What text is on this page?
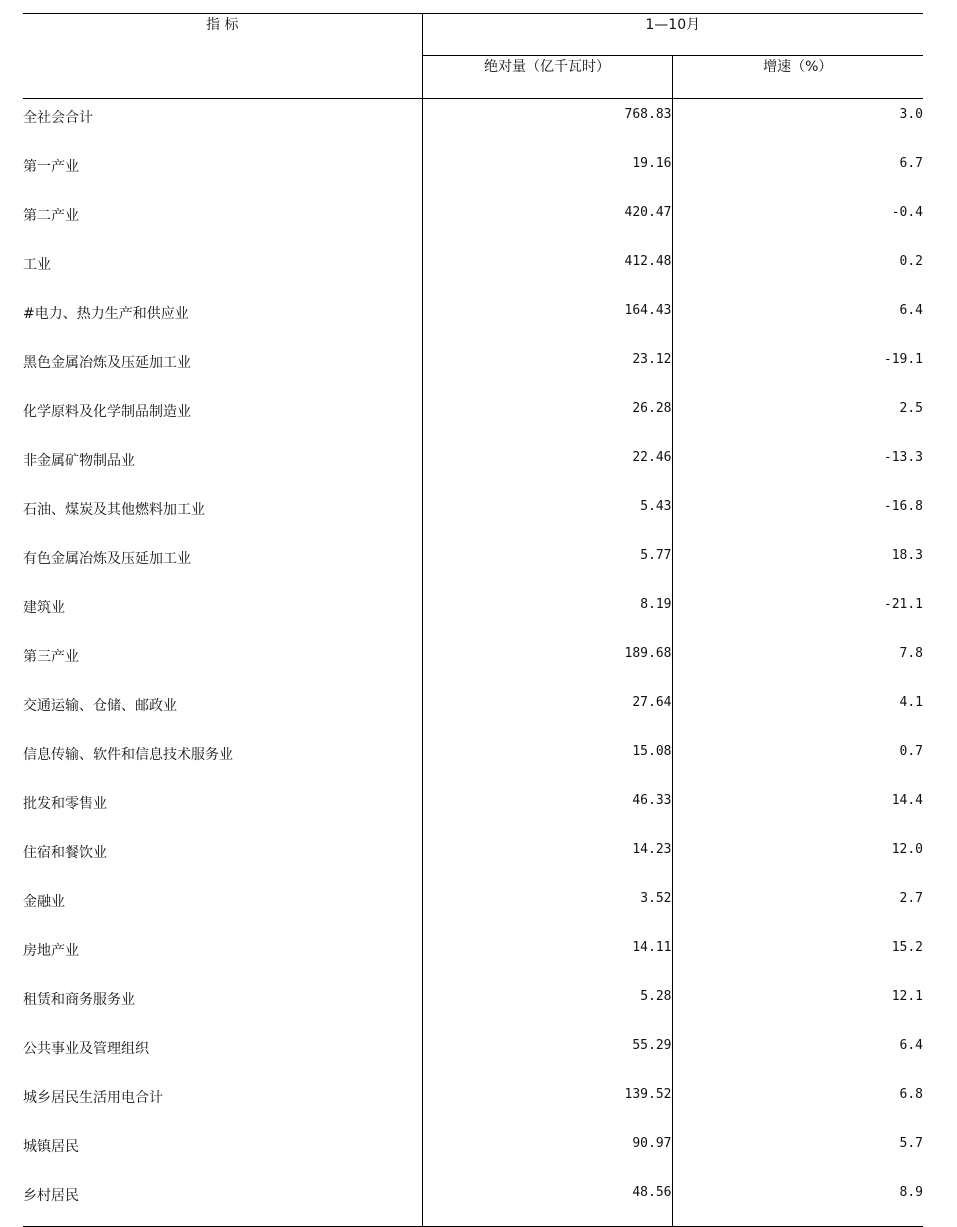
指 标	1—10月	
	绝对量（亿千瓦时）	增速（%）
全社会合计	768.83	3.0
第一产业	19.16	6.7
第二产业	420.47	-0.4
工业	412.48	0.2
#电力、热力生产和供应业	164.43	6.4
黑色金属冶炼及压延加工业	23.12	-19.1
化学原料及化学制品制造业	26.28	2.5
非金属矿物制品业	22.46	-13.3
石油、煤炭及其他燃料加工业	5.43	-16.8
有色金属冶炼及压延加工业	5.77	18.3
建筑业	8.19	-21.1
第三产业	189.68	7.8
交通运输、仓储、邮政业	27.64	4.1
信息传输、软件和信息技术服务业	15.08	0.7
批发和零售业	46.33	14.4
住宿和餐饮业	14.23	12.0
金融业	3.52	2.7
房地产业	14.11	15.2
租赁和商务服务业	5.28	12.1
公共事业及管理组织	55.29	6.4
城乡居民生活用电合计	139.52	6.8
城镇居民	90.97	5.7
乡村居民	48.56	8.9
